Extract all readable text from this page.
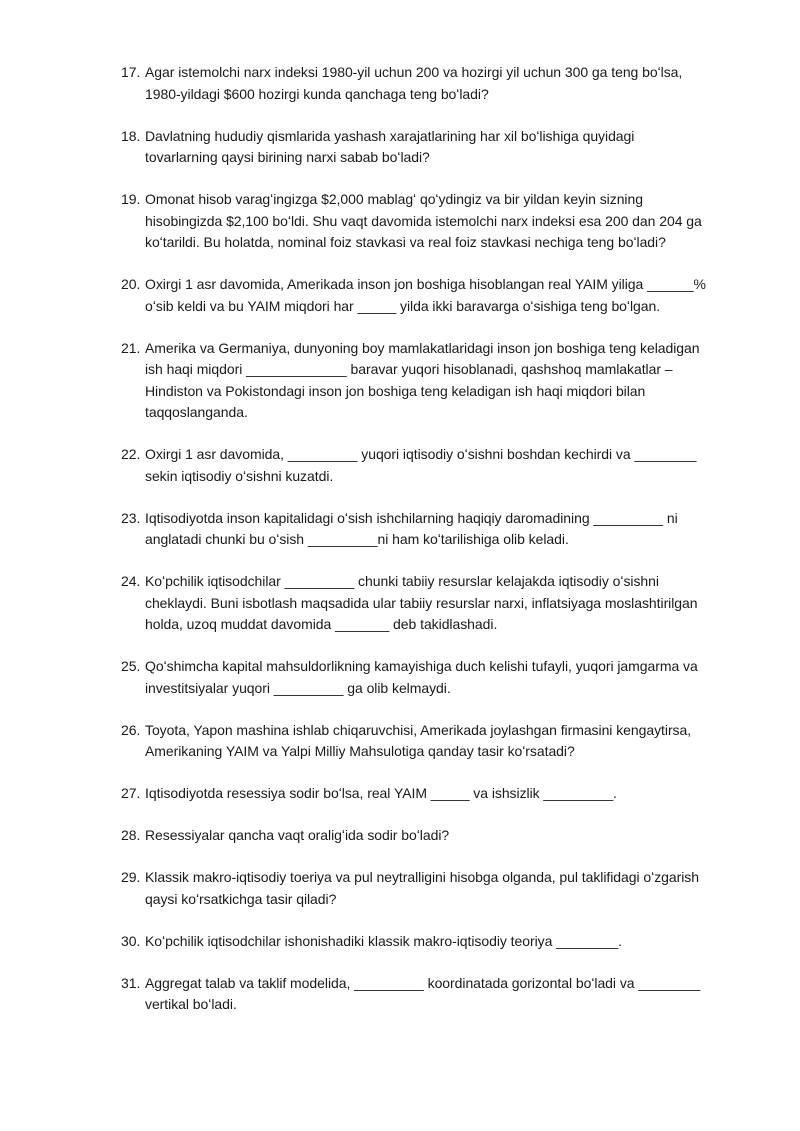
17. Agar istemolchi narx indeksi 1980-yil uchun 200 va hozirgi yil uchun 300 ga teng boʻlsa, 1980-yildagi $600 hozirgi kunda qanchaga teng boʻladi?
18. Davlatning hududiy qismlarida yashash xarajatlarining har xil boʻlishiga quyidagi tovarlarning qaysi birining narxi sabab boʻladi?
19. Omonat hisob varagʻingizga $2,000 mablagʻ qoʻydingiz va bir yildan keyin sizning hisobingizda $2,100 boʻldi. Shu vaqt davomida istemolchi narx indeksi esa 200 dan 204 ga koʻtarildi. Bu holatda, nominal foiz stavkasi va real foiz stavkasi nechiga teng boʻladi?
20. Oxirgi 1 asr davomida, Amerikada inson jon boshiga hisoblangan real YAIM yiliga ______% oʻsib keldi va bu YAIM miqdori har _____ yilda ikki baravarga oʻsishiga teng boʻlgan.
21. Amerika va Germaniya, dunyoning boy mamlakatlaridagi inson jon boshiga teng keladigan ish haqi miqdori _____________ baravar yuqori hisoblanadi, qashshoq mamlakatlar – Hindiston va Pokistondagi inson jon boshiga teng keladigan ish haqi miqdori bilan taqqoslanganda.
22. Oxirgi 1 asr davomida, _________ yuqori iqtisodiy oʻsishni boshdan kechirdi va ________ sekin iqtisodiy oʻsishni kuzatdi.
23. Iqtisodiyotda inson kapitalidagi oʻsish ishchilarning haqiqiy daromadining _________ ni anglatadi chunki bu oʻsish _________ni ham koʻtarilishiga olib keladi.
24. Koʻpchilik iqtisodchilar _________ chunki tabiiy resurslar kelajakda iqtisodiy oʻsishni cheklaydi. Buni isbotlash maqsadida ular tabiiy resurslar narxi, inflatsiyaga moslashtirilgan holda, uzoq muddat davomida _______ deb takidlashadi.
25. Qoʻshimcha kapital mahsuldorlikning kamayishiga duch kelishi tufayli, yuqori jamgarma va investitsiyalar yuqori _________ ga olib kelmaydi.
26. Toyota, Yapon mashina ishlab chiqaruvchisi, Amerikada joylashgan firmasini kengaytirsa, Amerikaning YAIM va Yalpi Milliy Mahsulotiga qanday tasir koʻrsatadi?
27. Iqtisodiyotda resessiya sodir boʻlsa, real YAIM _____ va ishsizlik _________.
28. Resessiyalar qancha vaqt oraligʻida sodir boʻladi?
29. Klassik makro-iqtisodiy toeriya va pul neytralligini hisobga olganda, pul taklifidagi oʻzgarish qaysi koʻrsatkichga tasir qiladi?
30. Koʻpchilik iqtisodchilar ishonishadiki klassik makro-iqtisodiy teoriya ________.
31. Aggregat talab va taklif modelida, _________ koordinatada gorizontal boʻladi va ________ vertikal boʻladi.
